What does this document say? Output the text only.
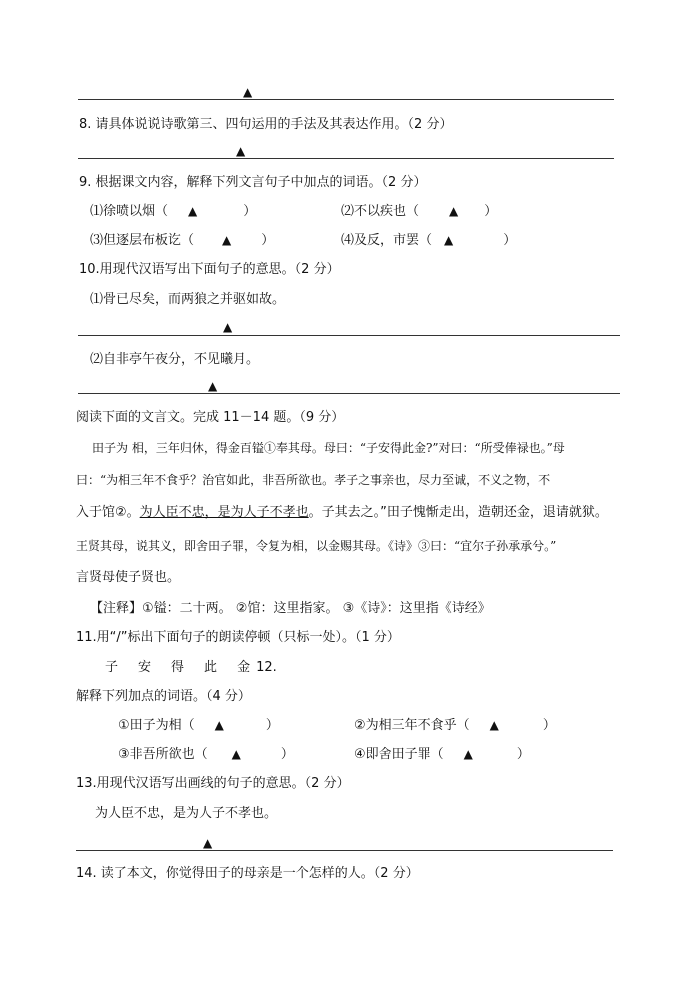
▲
8. 请具体说说诗歌第三、四句运用的手法及其表达作用。（2 分）
▲
9. 根据课文内容，解释下列文言句子中加点的词语。（2 分）
⑴徐喷以烟（ ▲	）	⑵不以疾也（	▲ ）
⑶但逐层布板讫（ ▲ ）	⑷及反，市罢（ ▲	）
10.用现代汉语写出下面句子的意思。（2 分）
⑴骨已尽矣，而两狼之并驱如故。
▲
⑵自非亭午夜分，不见曦月。
▲
阅读下面的文言文。完成 11－14 题。（9 分）
田子为 相，三年归休，得金百镒①奉其母。母曰：“子安得此金?”对曰：“所受俸禄也。”母
曰：“为相三年不食乎？治官如此，非吾所欲也。孝子之事亲也，尽力至诚，不义之物，不
入于馆②。为人臣不忠，是为人子不孝也。子其去之。”田子愧惭走出，造朝还金，退请就狱。
王贤其母，说其义，即舍田子罪，令复为相，以金赐其母。《诗》③曰：“宜尔子孙承承兮。”
言贤母使子贤也。
【注释】①镒：二十两。 ②馆：这里指家。 ③《诗》：这里指《诗经》
11.用“/”标出下面句子的朗读停顿（只标一处）。（1 分）
子 安 得 此 金 12.
解释下列加点的词语。（4 分）
①田子为相（ ▲	）	②为相三年不食乎（ ▲	）
③非吾所欲也（ ▲	）	④即舍田子罪（ ▲	）
13.用现代汉语写出画线的句子的意思。（2 分）
为人臣不忠，是为人子不孝也。
▲
14. 读了本文，你觉得田子的母亲是一个怎样的人。（2 分）
